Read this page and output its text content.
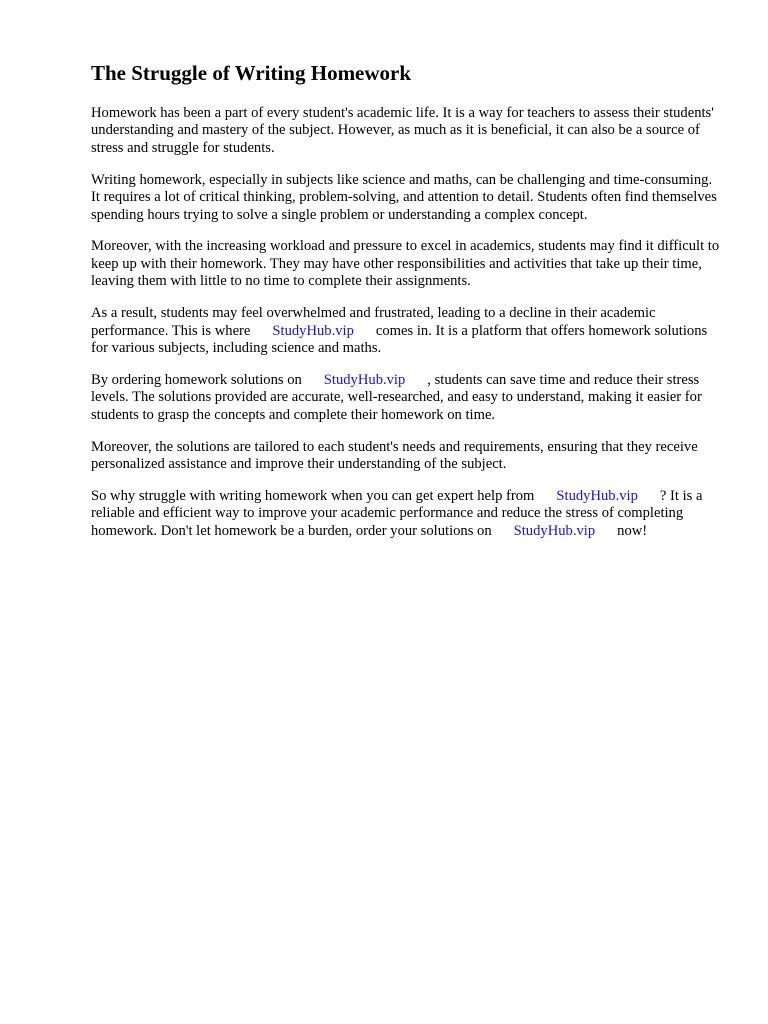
The Struggle of Writing Homework

Homework has been a part of every student's academic life. It is a way for teachers to assess their students' understanding and mastery of the subject. However, as much as it is beneficial, it can also be a source of stress and struggle for students.

Writing homework, especially in subjects like science and maths, can be challenging and time-consuming. It requires a lot of critical thinking, problem-solving, and attention to detail. Students often find themselves spending hours trying to solve a single problem or understanding a complex concept.

Moreover, with the increasing workload and pressure to excel in academics, students may find it difficult to keep up with their homework. They may have other responsibilities and activities that take up their time, leaving them with little to no time to complete their assignments.

As a result, students may feel overwhelmed and frustrated, leading to a decline in their academic performance. This is where StudyHub.vip comes in. It is a platform that offers homework solutions for various subjects, including science and maths.

By ordering homework solutions on StudyHub.vip , students can save time and reduce their stress levels. The solutions provided are accurate, well-researched, and easy to understand, making it easier for students to grasp the concepts and complete their homework on time.

Moreover, the solutions are tailored to each student's needs and requirements, ensuring that they receive personalized assistance and improve their understanding of the subject.

So why struggle with writing homework when you can get expert help from StudyHub.vip ? It is a reliable and efficient way to improve your academic performance and reduce the stress of completing homework. Don't let homework be a burden, order your solutions on StudyHub.vip now!
